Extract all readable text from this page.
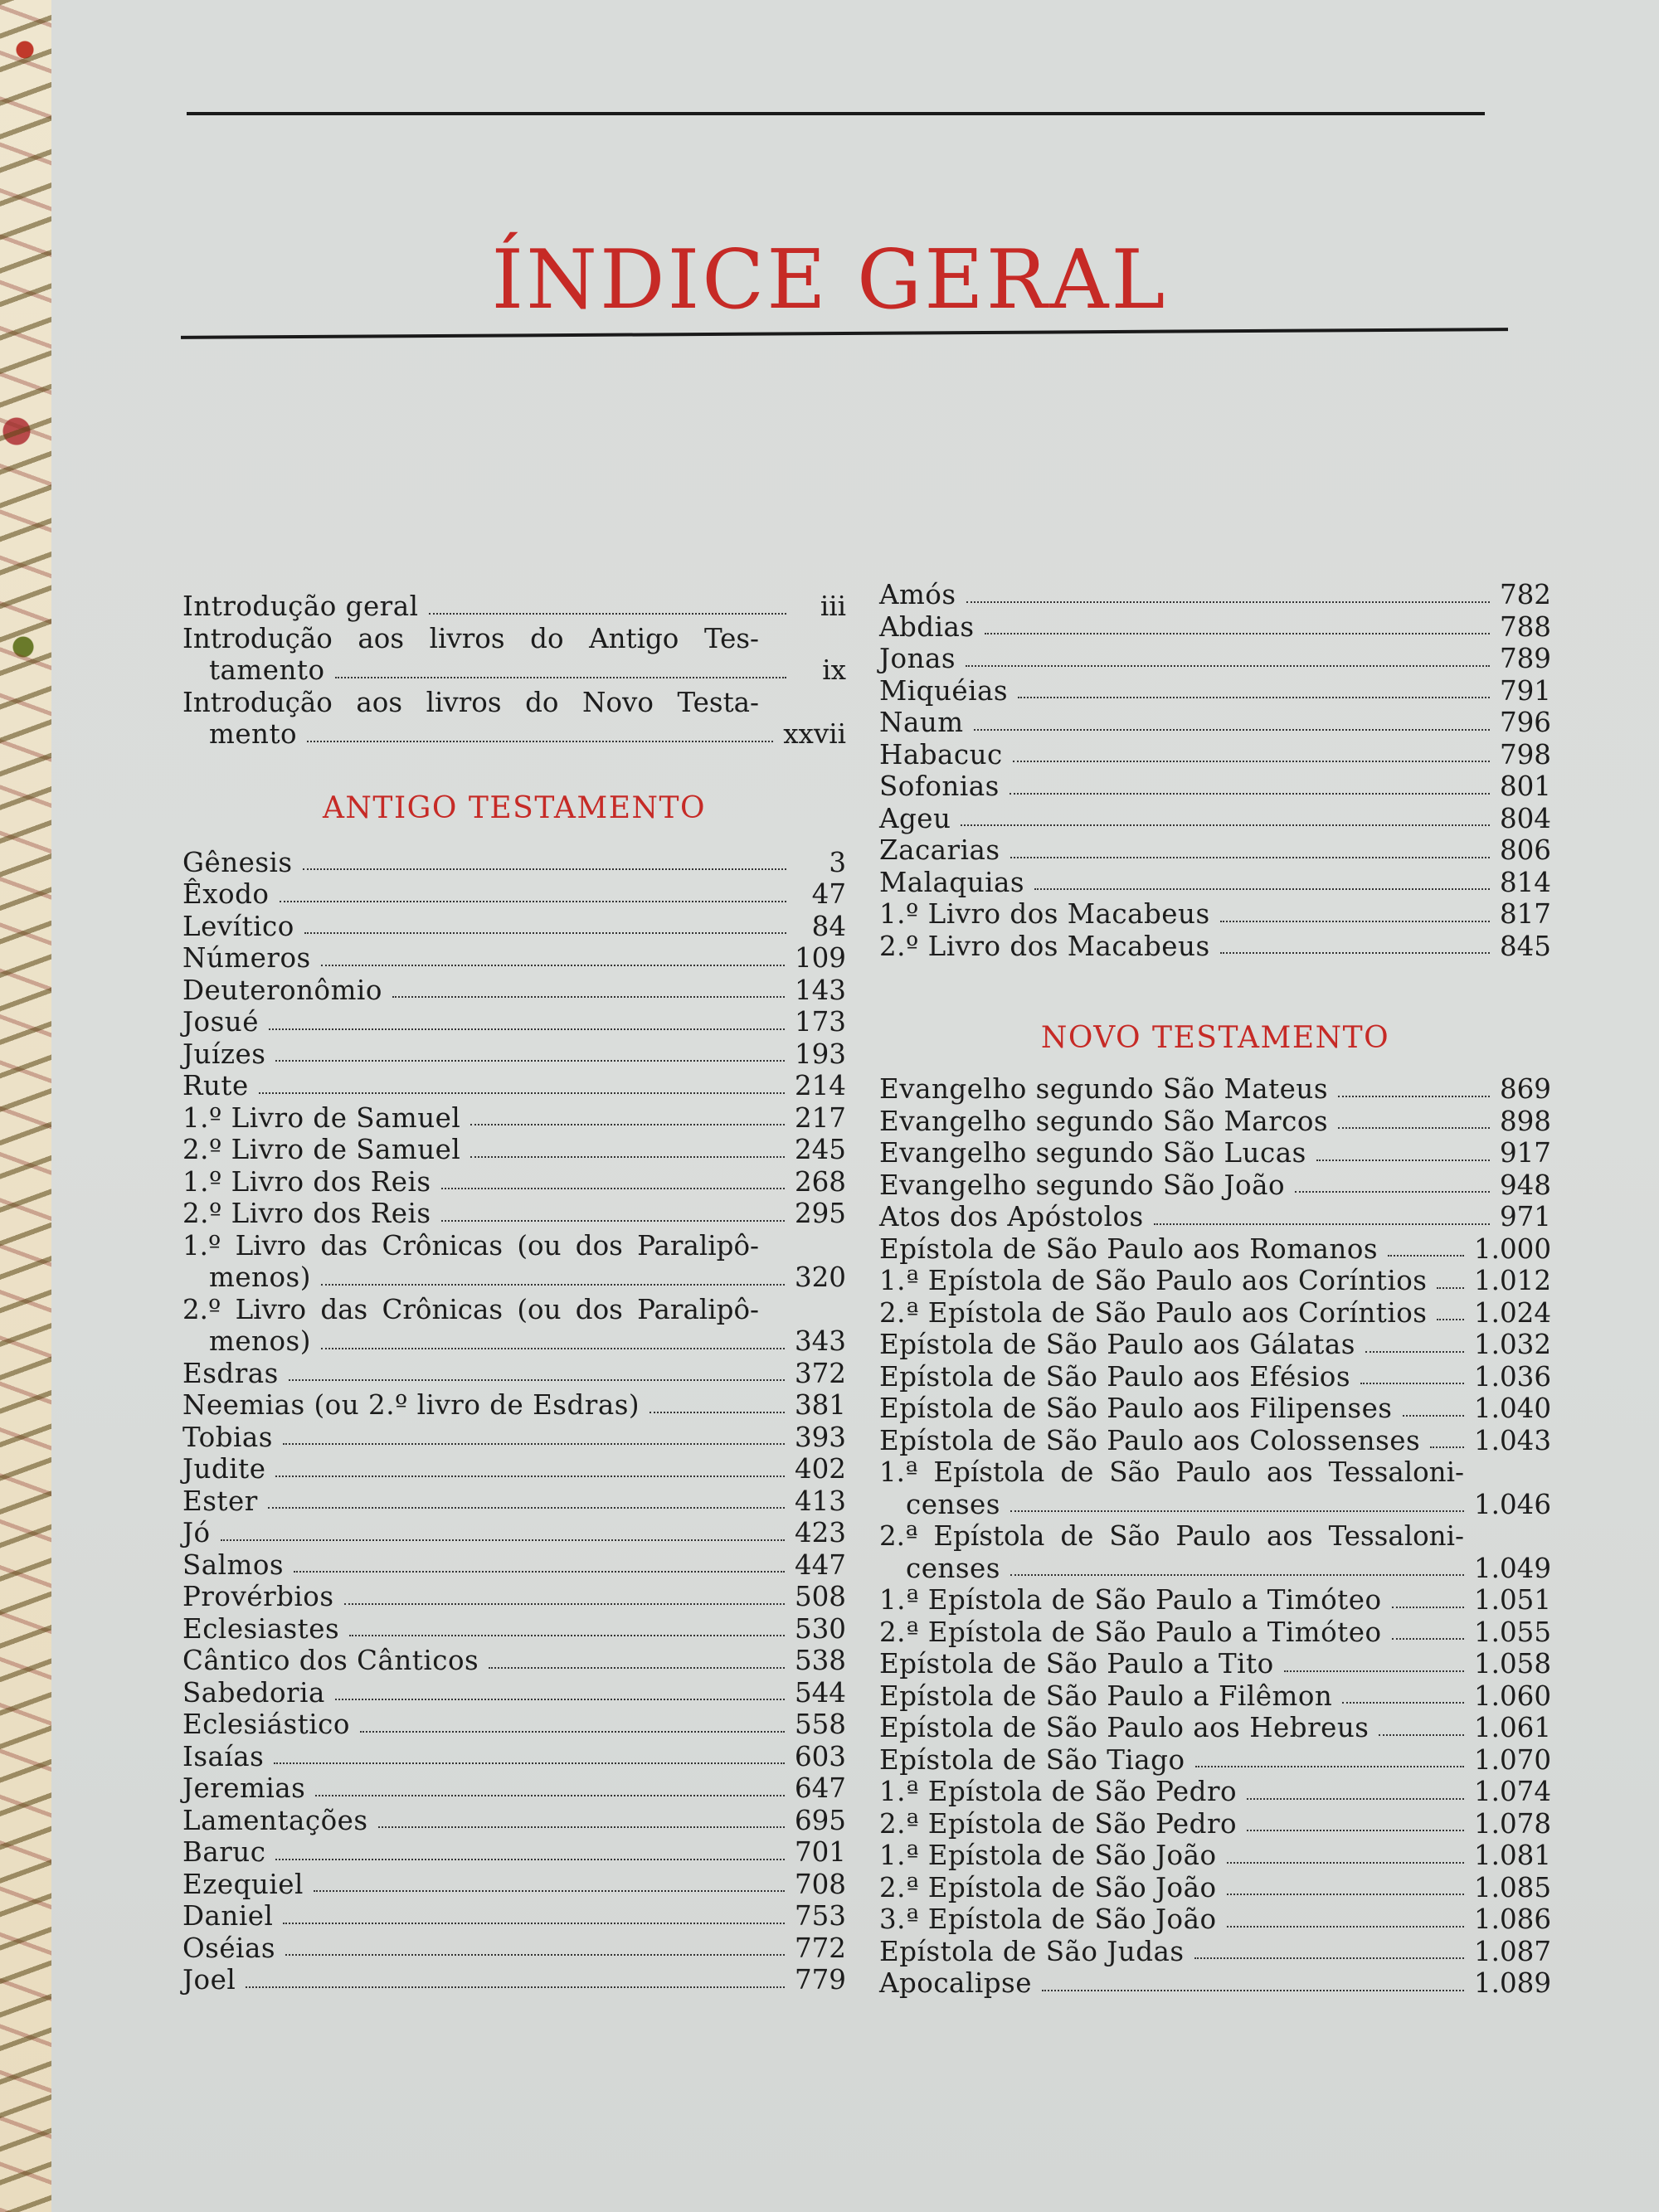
ÍNDICE GERAL
Introdução geral	iii
Introdução aos livros do Antigo Tes-
tamento	ix
Introdução aos livros do Novo Testa-
mento	xxvii
ANTIGO TESTAMENTO
Gênesis	3
Êxodo	47
Levítico	84
Números	109
Deuteronômio	143
Josué	173
Juízes	193
Rute	214
1.º Livro de Samuel	217
2.º Livro de Samuel	245
1.º Livro dos Reis	268
2.º Livro dos Reis	295
1.º Livro das Crônicas (ou dos Paralipô-
menos)	320
2.º Livro das Crônicas (ou dos Paralipô-
menos)	343
Esdras	372
Neemias (ou 2.º livro de Esdras)	381
Tobias	393
Judite	402
Ester	413
Jó	423
Salmos	447
Provérbios	508
Eclesiastes	530
Cântico dos Cânticos	538
Sabedoria	544
Eclesiástico	558
Isaías	603
Jeremias	647
Lamentações	695
Baruc	701
Ezequiel	708
Daniel	753
Oséias	772
Joel	779
Amós	782
Abdias	788
Jonas	789
Miquéias	791
Naum	796
Habacuc	798
Sofonias	801
Ageu	804
Zacarias	806
Malaquias	814
1.º Livro dos Macabeus	817
2.º Livro dos Macabeus	845
NOVO TESTAMENTO
Evangelho segundo São Mateus	869
Evangelho segundo São Marcos	898
Evangelho segundo São Lucas	917
Evangelho segundo São João	948
Atos dos Apóstolos	971
Epístola de São Paulo aos Romanos	1.000
1.ª Epístola de São Paulo aos Coríntios 1.012
2.ª Epístola de São Paulo aos Coríntios 1.024
Epístola de São Paulo aos Gálatas	1.032
Epístola de São Paulo aos Efésios	1.036
Epístola de São Paulo aos Filipenses	1.040
Epístola de São Paulo aos Colossenses 1.043
1.ª Epístola de São Paulo aos Tessaloni-
censes	1.046
2.ª Epístola de São Paulo aos Tessaloni-
censes	1.049
1.ª Epístola de São Paulo a Timóteo	1.051
2.ª Epístola de São Paulo a Timóteo	1.055
Epístola de São Paulo a Tito	1.058
Epístola de São Paulo a Filêmon	1.060
Epístola de São Paulo aos Hebreus	1.061
Epístola de São Tiago	1.070
1.ª Epístola de São Pedro	1.074
2.ª Epístola de São Pedro	1.078
1.ª Epístola de São João	1.081
2.ª Epístola de São João	1.085
3.ª Epístola de São João	1.086
Epístola de São Judas	1.087
Apocalipse	1.089
